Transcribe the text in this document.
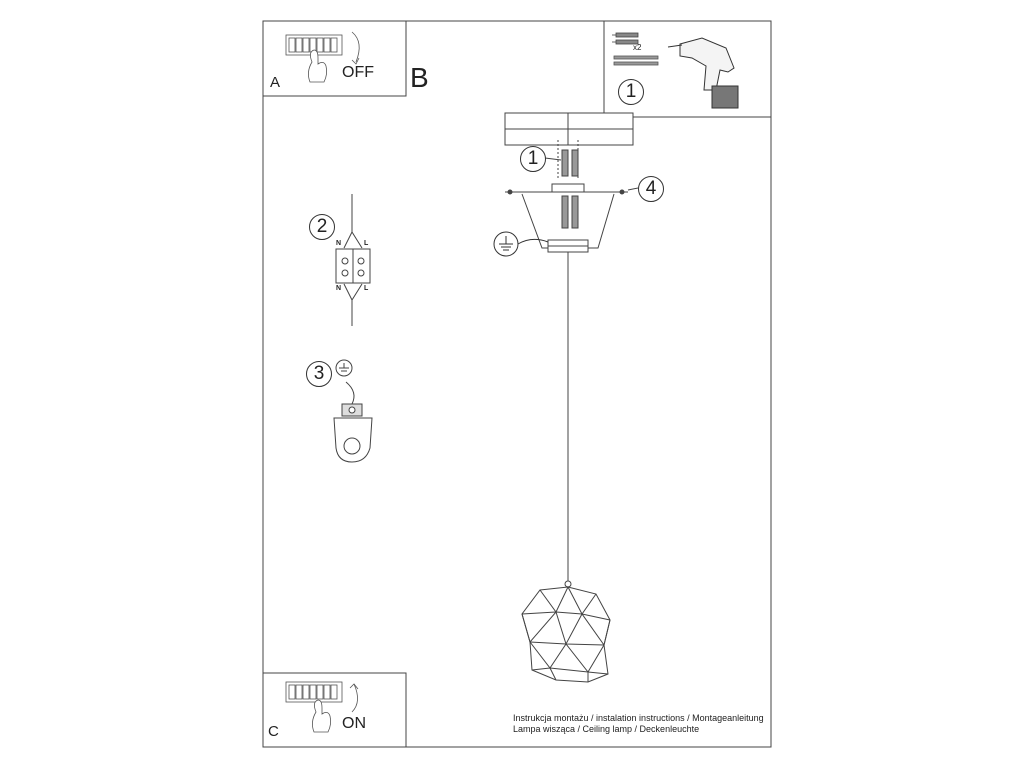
A
OFF B
C	ON
x2
1
1
4
2
3
N	L
N	L
Instrukcja montażu / instalation instructions / Montageanleitung
Lampa wisząca / Ceiling lamp / Deckenleuchte
